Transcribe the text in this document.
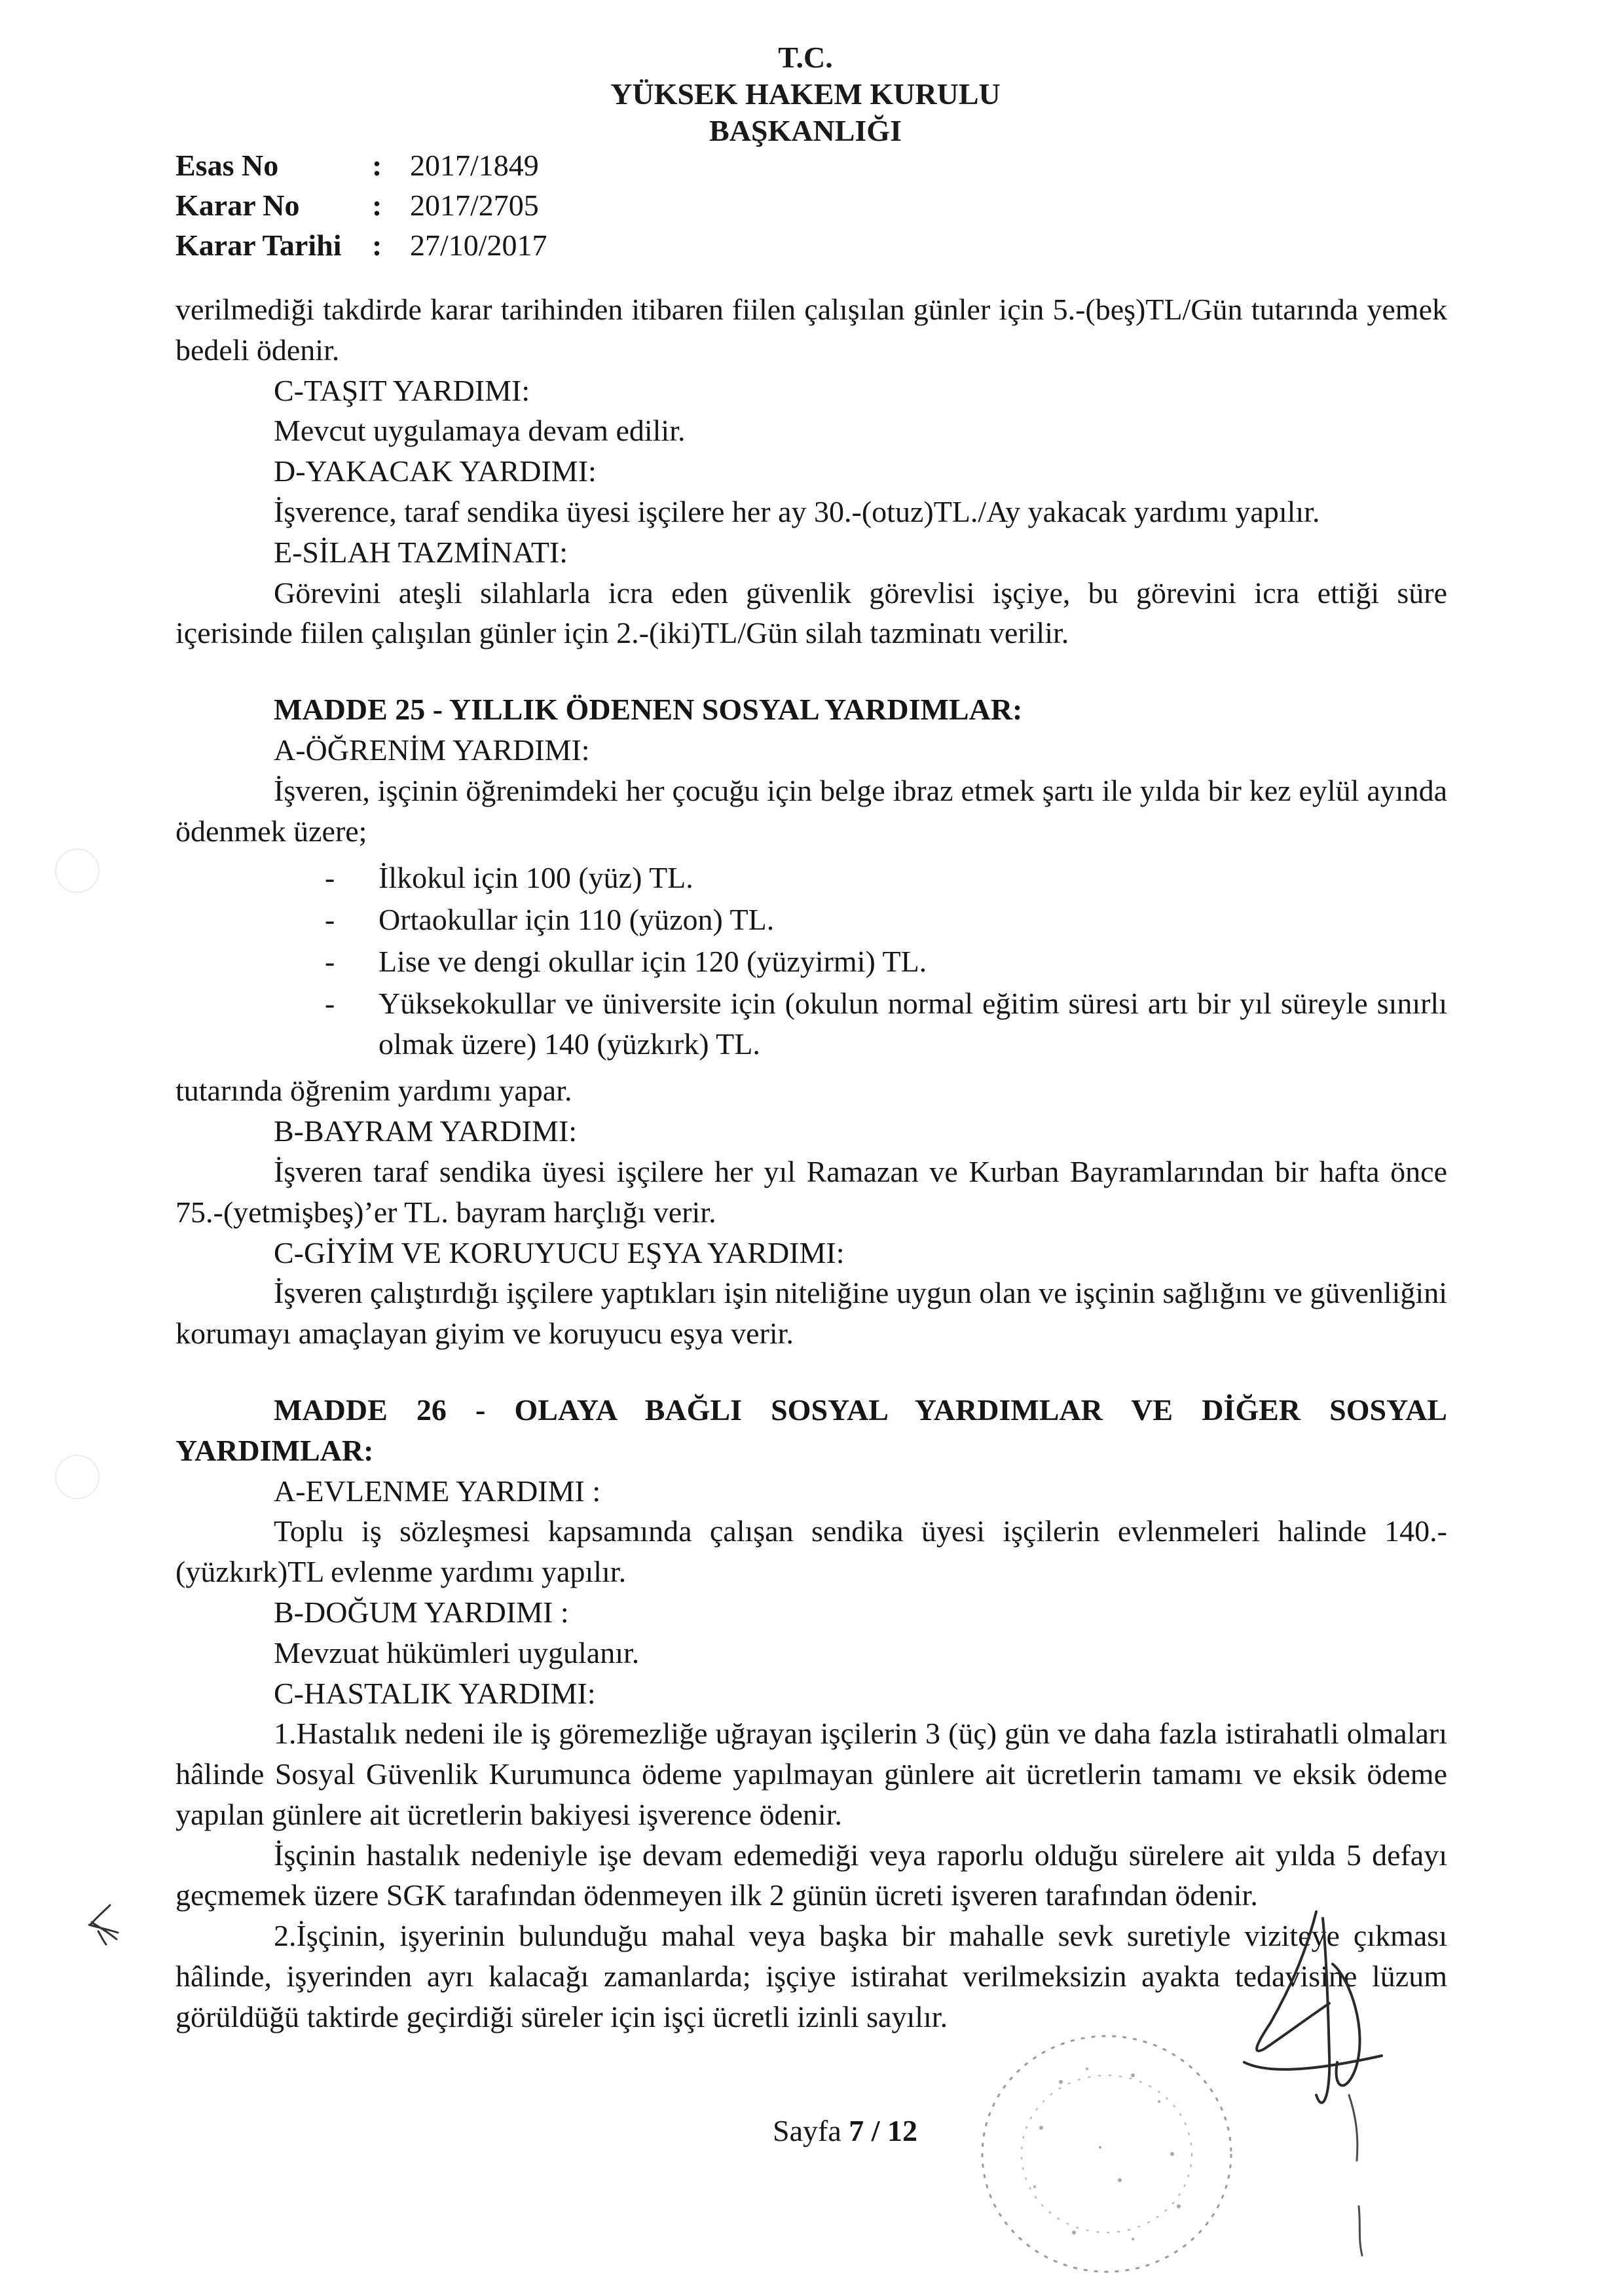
T.C.
YÜKSEK HAKEM KURULU
BAŞKANLIĞI
Esas No	: 2017/1849
Karar No	: 2017/2705
Karar Tarihi	: 27/10/2017

verilmediği takdirde karar tarihinden itibaren fiilen çalışılan günler için 5.-(beş)TL/Gün tutarında yemek bedeli ödenir.

C-TAŞIT YARDIMI:

Mevcut uygulamaya devam edilir.

D-YAKACAK YARDIMI:

İşverence, taraf sendika üyesi işçilere her ay 30.-(otuz)TL./Ay yakacak yardımı yapılır.

E-SİLAH TAZMİNATI:

Görevini ateşli silahlarla icra eden güvenlik görevlisi işçiye, bu görevini icra ettiği süre içerisinde fiilen çalışılan günler için 2.-(iki)TL/Gün silah tazminatı verilir.

MADDE 25 - YILLIK ÖDENEN SOSYAL YARDIMLAR:

A-ÖĞRENİM YARDIMI:

İşveren, işçinin öğrenimdeki her çocuğu için belge ibraz etmek şartı ile yılda bir kez eylül ayında ödenmek üzere;

- İlkokul için 100 (yüz) TL.
- Ortaokullar için 110 (yüzon) TL.
- Lise ve dengi okullar için 120 (yüzyirmi) TL.
- Yüksekokullar ve üniversite için (okulun normal eğitim süresi artı bir yıl süreyle sınırlı olmak üzere) 140 (yüzkırk) TL.

tutarında öğrenim yardımı yapar.

B-BAYRAM YARDIMI:

İşveren taraf sendika üyesi işçilere her yıl Ramazan ve Kurban Bayramlarından bir hafta önce 75.-(yetmişbeş)’er TL. bayram harçlığı verir.

C-GİYİM VE KORUYUCU EŞYA YARDIMI:

İşveren çalıştırdığı işçilere yaptıkları işin niteliğine uygun olan ve işçinin sağlığını ve güvenliğini korumayı amaçlayan giyim ve koruyucu eşya verir.

MADDE 26 - OLAYA BAĞLI SOSYAL YARDIMLAR VE DİĞER SOSYAL YARDIMLAR:

A-EVLENME YARDIMI :

Toplu iş sözleşmesi kapsamında çalışan sendika üyesi işçilerin evlenmeleri halinde 140.-(yüzkırk)TL evlenme yardımı yapılır.

B-DOĞUM YARDIMI :

Mevzuat hükümleri uygulanır.

C-HASTALIK YARDIMI:

1.Hastalık nedeni ile iş göremezliğe uğrayan işçilerin 3 (üç) gün ve daha fazla istirahatli olmaları hâlinde Sosyal Güvenlik Kurumunca ödeme yapılmayan günlere ait ücretlerin tamamı ve eksik ödeme yapılan günlere ait ücretlerin bakiyesi işverence ödenir.

İşçinin hastalık nedeniyle işe devam edemediği veya raporlu olduğu sürelere ait yılda 5 defayı geçmemek üzere SGK tarafından ödenmeyen ilk 2 günün ücreti işveren tarafından ödenir.

2.İşçinin, işyerinin bulunduğu mahal veya başka bir mahalle sevk suretiyle viziteye çıkması hâlinde, işyerinden ayrı kalacağı zamanlarda; işçiye istirahat verilmeksizin ayakta tedavisine lüzum görüldüğü taktirde geçirdiği süreler için işçi ücretli izinli sayılır.

Sayfa 7 / 12
